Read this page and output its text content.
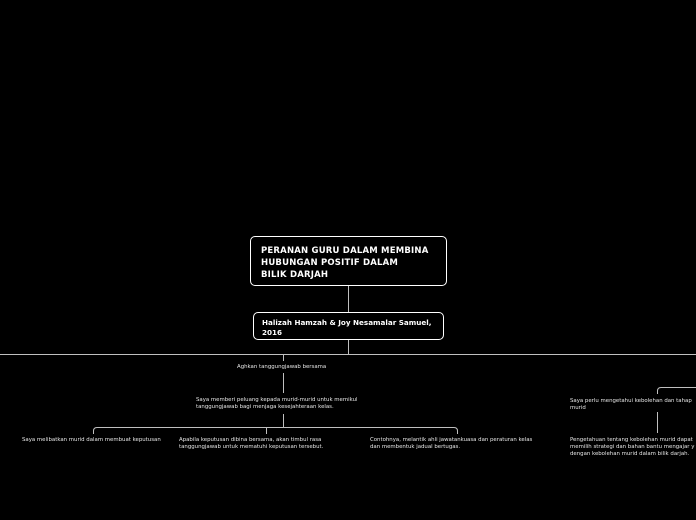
PERANAN GURU DALAM MEMBINA
HUBUNGAN POSITIF DALAM
BILIK DARJAH
Halizah Hamzah & Joy Nesamalar Samuel,
2016
Aghkan tanggungjawab bersama
Saya memberi peluang kepada murid-murid untuk memikul
tanggungjawab bagi menjaga kesejahteraan kelas.
Saya melibatkan murid dalam membuat keputusan	Apabila keputusan dibina bersama, akan timbul rasa
tanggungjawab untuk mematuhi keputusan tersebut.
Contohnya, melantik ahli jawatankuasa dan peraturan kelas
dan membentuk jadual bertugas.
Saya perlu mengetahui kebolehan dan tahap
murid
Pengetahuan tentang kebolehan murid dapat
memilih strategi dan bahan bantu mengajar y
dengan kebolehan murid dalam bilik darjah.
